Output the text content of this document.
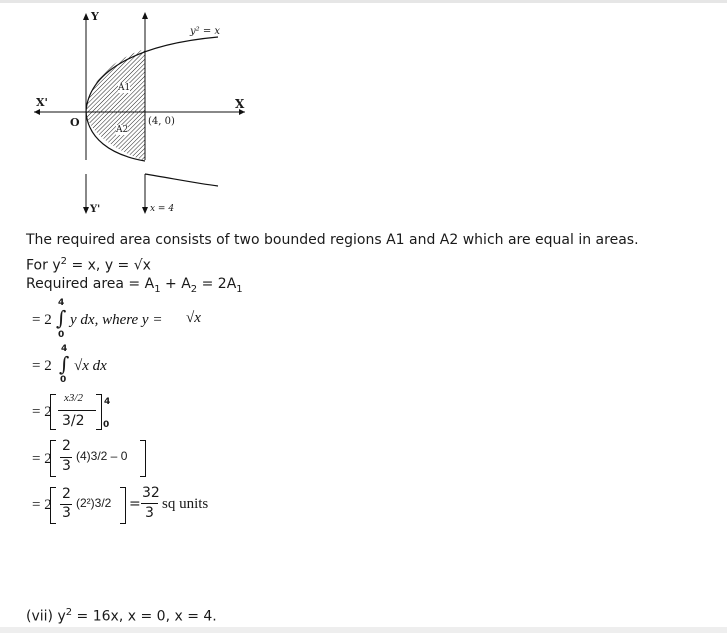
Y
Y'
X
X'
O	(4, 0)
A1
A2
y² = x
x = 4
The required area consists of two bounded regions A1 and A2 which are equal in areas.
For $y^2 = x$, y = √x
Required area = $A_1 + A_2 = 2A_1$
= 2
4
∫
0
y dx, where y = √x
= 2
4
∫
0
√x dx
= 2
x3/2
3/2
4
0
= 2
2
3
(4)3/2 – 0
= 2
2
3
(2²)3/2 =
32
3
sq units
(vii) $y^2 = 16x$, x = 0, x = 4.
